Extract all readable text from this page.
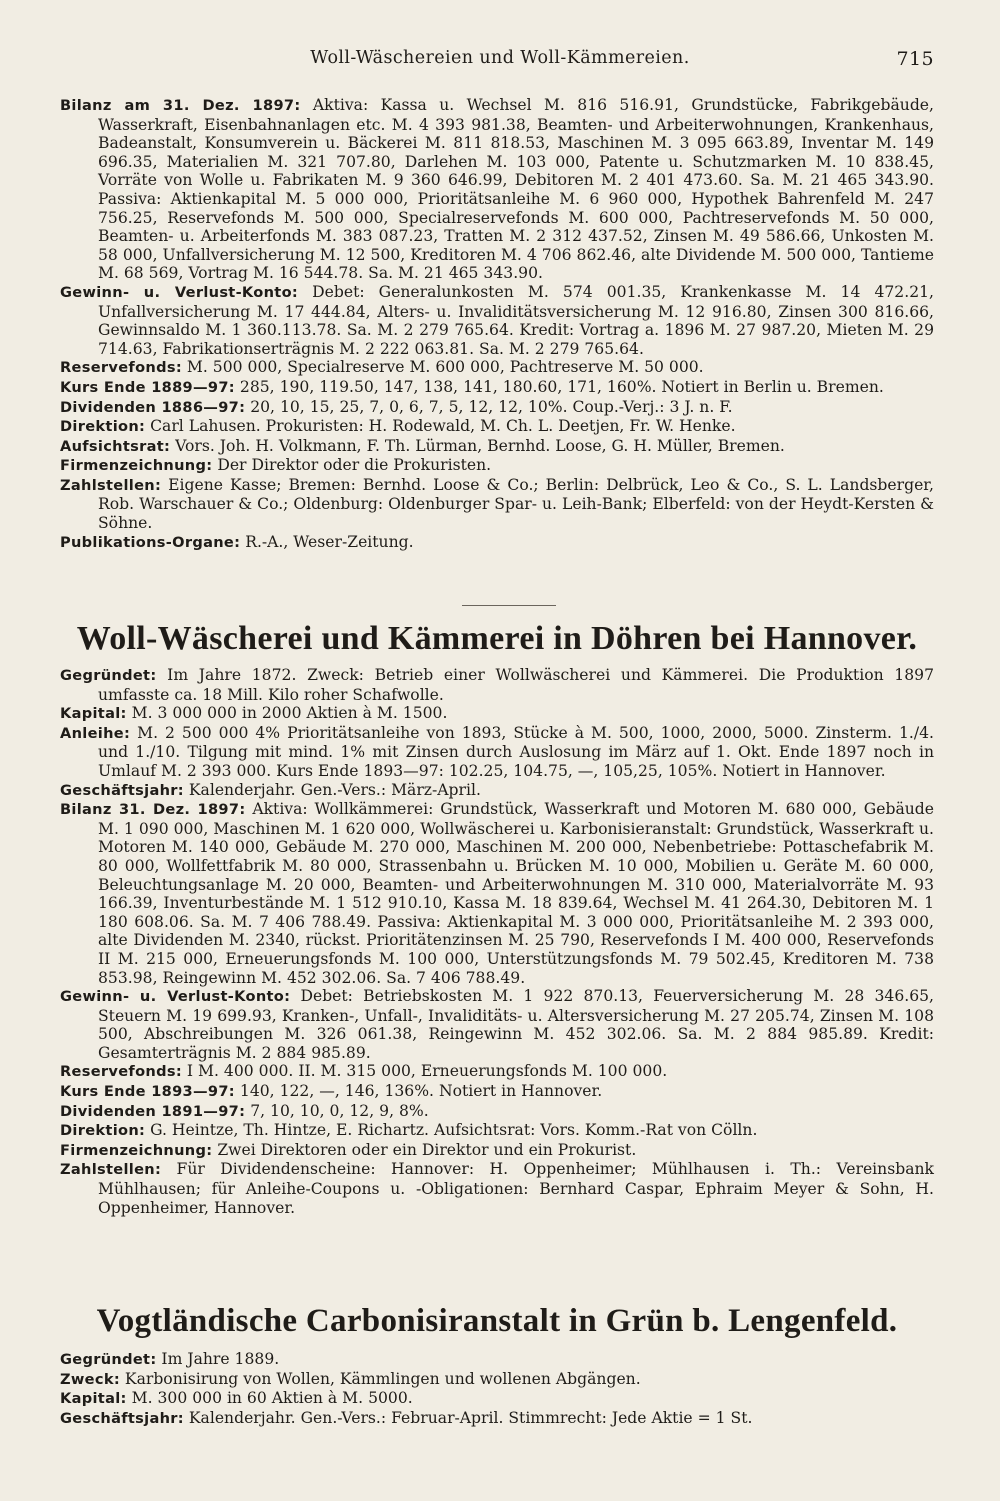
Woll-Wäschereien und Woll-Kämmereien.	715

Bilanz am 31. Dez. 1897: Aktiva: Kassa u. Wechsel M. 816 516.91, Grundstücke, Fabrikgebäude, Wasserkraft, Eisenbahnanlagen etc. M. 4 393 981.38, Beamten- und Arbeiterwohnungen, Krankenhaus, Badeanstalt, Konsumverein u. Bäckerei M. 811 818.53, Maschinen M. 3 095 663.89, Inventar M. 149 696.35, Materialien M. 321 707.80, Darlehen M. 103 000, Patente u. Schutzmarken M. 10 838.45, Vorräte von Wolle u. Fabrikaten M. 9 360 646.99, Debitoren M. 2 401 473.60. Sa. M. 21 465 343.90. Passiva: Aktienkapital M. 5 000 000, Prioritätsanleihe M. 6 960 000, Hypothek Bahrenfeld M. 247 756.25, Reservefonds M. 500 000, Specialreservefonds M. 600 000, Pachtreservefonds M. 50 000, Beamten- u. Arbeiterfonds M. 383 087.23, Tratten M. 2 312 437.52, Zinsen M. 49 586.66, Unkosten M. 58 000, Unfallversicherung M. 12 500, Kreditoren M. 4 706 862.46, alte Dividende M. 500 000, Tantieme M. 68 569, Vortrag M. 16 544.78. Sa. M. 21 465 343.90.

Gewinn- u. Verlust-Konto: Debet: Generalunkosten M. 574 001.35, Krankenkasse M. 14 472.21, Unfallversicherung M. 17 444.84, Alters- u. Invaliditätsversicherung M. 12 916.80, Zinsen 300 816.66, Gewinnsaldo M. 1 360.113.78. Sa. M. 2 279 765.64. Kredit: Vortrag a. 1896 M. 27 987.20, Mieten M. 29 714.63, Fabrikationserträgnis M. 2 222 063.81. Sa. M. 2 279 765.64.

Reservefonds: M. 500 000, Specialreserve M. 600 000, Pachtreserve M. 50 000.

Kurs Ende 1889—97: 285, 190, 119.50, 147, 138, 141, 180.60, 171, 160%. Notiert in Berlin u. Bremen.

Dividenden 1886—97: 20, 10, 15, 25, 7, 0, 6, 7, 5, 12, 12, 10%. Coup.-Verj.: 3 J. n. F.

Direktion: Carl Lahusen. Prokuristen: H. Rodewald, M. Ch. L. Deetjen, Fr. W. Henke.

Aufsichtsrat: Vors. Joh. H. Volkmann, F. Th. Lürman, Bernhd. Loose, G. H. Müller, Bremen.

Firmenzeichnung: Der Direktor oder die Prokuristen.

Zahlstellen: Eigene Kasse; Bremen: Bernhd. Loose & Co.; Berlin: Delbrück, Leo & Co., S. L. Landsberger, Rob. Warschauer & Co.; Oldenburg: Oldenburger Spar- u. Leih-Bank; Elberfeld: von der Heydt-Kersten & Söhne.

Publikations-Organe: R.-A., Weser-Zeitung.

Woll-Wäscherei und Kämmerei in Döhren bei Hannover.

Gegründet: Im Jahre 1872. Zweck: Betrieb einer Wollwäscherei und Kämmerei. Die Produktion 1897 umfasste ca. 18 Mill. Kilo roher Schafwolle.

Kapital: M. 3 000 000 in 2000 Aktien à M. 1500.

Anleihe: M. 2 500 000 4% Prioritätsanleihe von 1893, Stücke à M. 500, 1000, 2000, 5000. Zinsterm. 1./4. und 1./10. Tilgung mit mind. 1% mit Zinsen durch Auslosung im März auf 1. Okt. Ende 1897 noch in Umlauf M. 2 393 000. Kurs Ende 1893—97: 102.25, 104.75, —, 105,25, 105%. Notiert in Hannover.

Geschäftsjahr: Kalenderjahr. Gen.-Vers.: März-April.

Bilanz 31. Dez. 1897: Aktiva: Wollkämmerei: Grundstück, Wasserkraft und Motoren M. 680 000, Gebäude M. 1 090 000, Maschinen M. 1 620 000, Wollwäscherei u. Karbonisieranstalt: Grundstück, Wasserkraft u. Motoren M. 140 000, Gebäude M. 270 000, Maschinen M. 200 000, Nebenbetriebe: Pottaschefabrik M. 80 000, Wollfettfabrik M. 80 000, Strassenbahn u. Brücken M. 10 000, Mobilien u. Geräte M. 60 000, Beleuchtungsanlage M. 20 000, Beamten- und Arbeiterwohnungen M. 310 000, Materialvorräte M. 93 166.39, Inventurbestände M. 1 512 910.10, Kassa M. 18 839.64, Wechsel M. 41 264.30, Debitoren M. 1 180 608.06. Sa. M. 7 406 788.49. Passiva: Aktienkapital M. 3 000 000, Prioritätsanleihe M. 2 393 000, alte Dividenden M. 2340, rückst. Prioritätenzinsen M. 25 790, Reservefonds I M. 400 000, Reservefonds II M. 215 000, Erneuerungsfonds M. 100 000, Unterstützungsfonds M. 79 502.45, Kreditoren M. 738 853.98, Reingewinn M. 452 302.06. Sa. 7 406 788.49.

Gewinn- u. Verlust-Konto: Debet: Betriebskosten M. 1 922 870.13, Feuerversicherung M. 28 346.65, Steuern M. 19 699.93, Kranken-, Unfall-, Invaliditäts- u. Altersversicherung M. 27 205.74, Zinsen M. 108 500, Abschreibungen M. 326 061.38, Reingewinn M. 452 302.06. Sa. M. 2 884 985.89. Kredit: Gesamterträgnis M. 2 884 985.89.

Reservefonds: I M. 400 000. II. M. 315 000, Erneuerungsfonds M. 100 000.

Kurs Ende 1893—97: 140, 122, —, 146, 136%. Notiert in Hannover.

Dividenden 1891—97: 7, 10, 10, 0, 12, 9, 8%.

Direktion: G. Heintze, Th. Hintze, E. Richartz. Aufsichtsrat: Vors. Komm.-Rat von Cölln.

Firmenzeichnung: Zwei Direktoren oder ein Direktor und ein Prokurist.

Zahlstellen: Für Dividendenscheine: Hannover: H. Oppenheimer; Mühlhausen i. Th.: Vereinsbank Mühlhausen; für Anleihe-Coupons u. -Obligationen: Bernhard Caspar, Ephraim Meyer & Sohn, H. Oppenheimer, Hannover.

Vogtländische Carbonisiranstalt in Grün b. Lengenfeld.

Gegründet: Im Jahre 1889.

Zweck: Karbonisirung von Wollen, Kämmlingen und wollenen Abgängen.

Kapital: M. 300 000 in 60 Aktien à M. 5000.

Geschäftsjahr: Kalenderjahr. Gen.-Vers.: Februar-April. Stimmrecht: Jede Aktie = 1 St.
